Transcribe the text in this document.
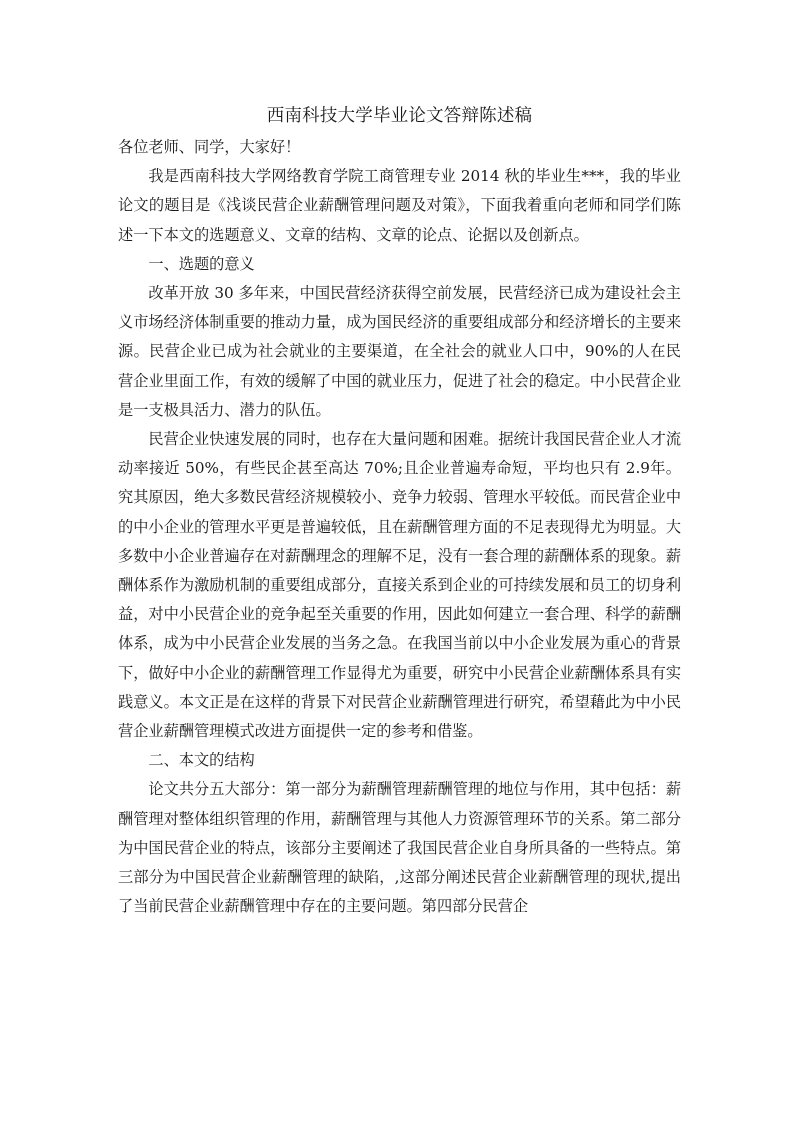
西南科技大学毕业论文答辩陈述稿

各位老师、同学，大家好！

我是西南科技大学网络教育学院工商管理专业 2014 秋的毕业生***，我的毕业论文的题目是《浅谈民营企业薪酬管理问题及对策》，下面我着重向老师和同学们陈述一下本文的选题意义、文章的结构、文章的论点、论据以及创新点。

一、选题的意义

改革开放 30 多年来，中国民营经济获得空前发展，民营经济已成为建设社会主义市场经济体制重要的推动力量，成为国民经济的重要组成部分和经济增长的主要来源。民营企业已成为社会就业的主要渠道，在全社会的就业人口中，90%的人在民营企业里面工作，有效的缓解了中国的就业压力，促进了社会的稳定。中小民营企业是一支极具活力、潜力的队伍。

民营企业快速发展的同时，也存在大量问题和困难。据统计我国民营企业人才流动率接近 50%，有些民企甚至高达 70%;且企业普遍寿命短，平均也只有 2.9年。究其原因，绝大多数民营经济规模较小、竞争力较弱、管理水平较低。而民营企业中的中小企业的管理水平更是普遍较低，且在薪酬管理方面的不足表现得尤为明显。大多数中小企业普遍存在对薪酬理念的理解不足，没有一套合理的薪酬体系的现象。薪酬体系作为激励机制的重要组成部分，直接关系到企业的可持续发展和员工的切身利益，对中小民营企业的竞争起至关重要的作用，因此如何建立一套合理、科学的薪酬体系，成为中小民营企业发展的当务之急。在我国当前以中小企业发展为重心的背景下，做好中小企业的薪酬管理工作显得尤为重要，研究中小民营企业薪酬体系具有实践意义。本文正是在这样的背景下对民营企业薪酬管理进行研究，希望藉此为中小民营企业薪酬管理模式改进方面提供一定的参考和借鉴。

二、本文的结构

论文共分五大部分：第一部分为薪酬管理薪酬管理的地位与作用，其中包括：薪酬管理对整体组织管理的作用，薪酬管理与其他人力资源管理环节的关系。第二部分为中国民营企业的特点，该部分主要阐述了我国民营企业自身所具备的一些特点。第三部分为中国民营企业薪酬管理的缺陷，,这部分阐述民营企业薪酬管理的现状,提出了当前民营企业薪酬管理中存在的主要问题。第四部分民营企
